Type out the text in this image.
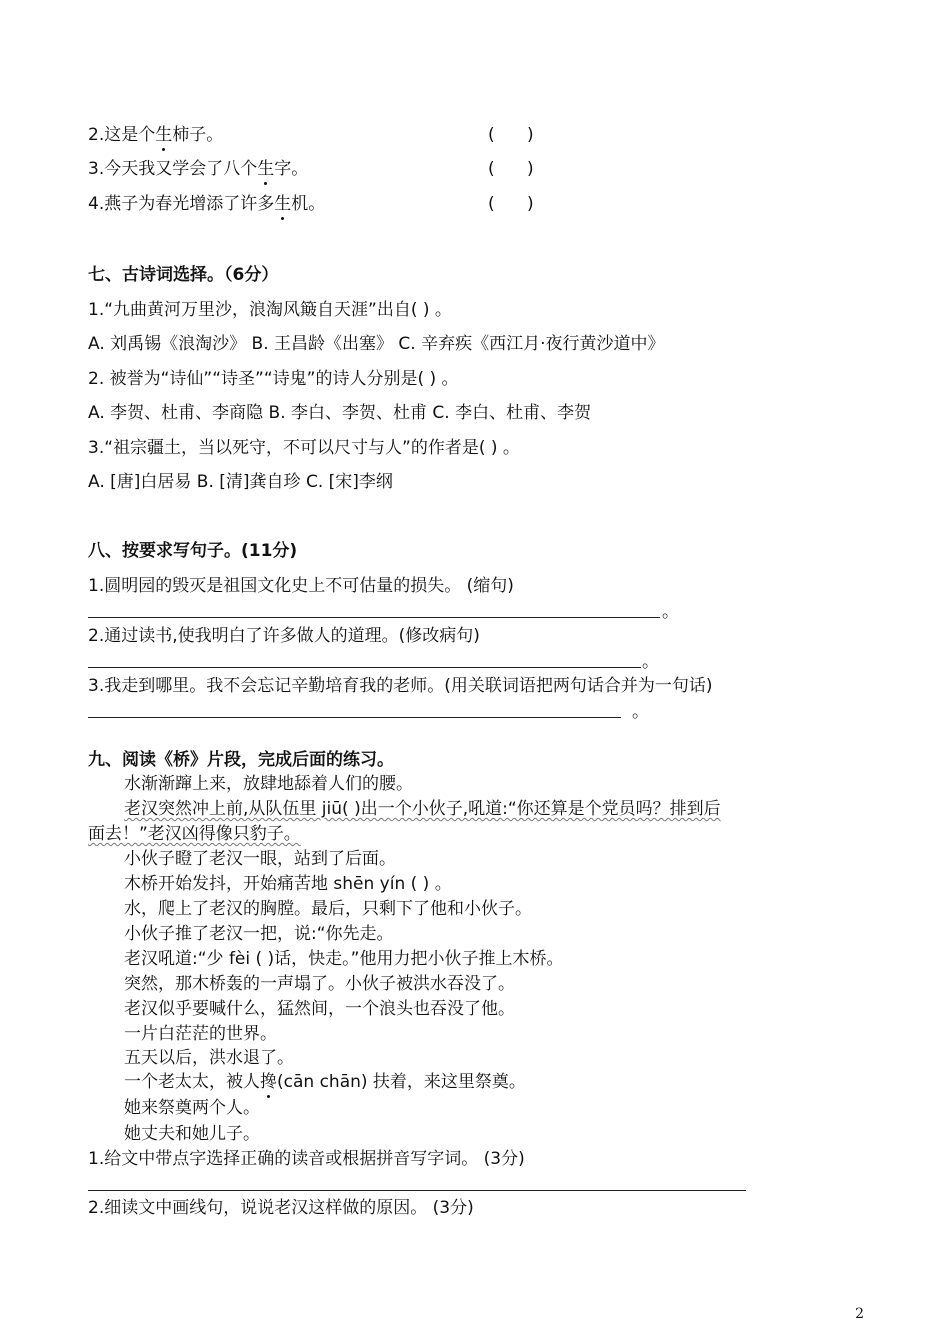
2.这是个生柿子。	(      )
3.今天我又学会了八个生字。	(      )
4.燕子为春光增添了许多生机。	(      )
七、古诗词选择。（6分）
1.“九曲黄河万里沙，浪淘风簸自天涯”出自( ) 。
A. 刘禹锡《浪淘沙》 B. 王昌龄《出塞》 C. 辛弃疾《西江月·夜行黄沙道中》
2. 被誉为“诗仙”“诗圣”“诗鬼”的诗人分别是( ) 。
A. 李贺、杜甫、李商隐 B. 李白、李贺、杜甫 C. 李白、杜甫、李贺
3.“祖宗疆土，当以死守，不可以尺寸与人”的作者是( ) 。
A. [唐]白居易 B. [清]龚自珍 C. [宋]李纲
八、按要求写句子。(11分)
1.圆明园的毁灭是祖国文化史上不可估量的损失。 (缩句)
。
2.通过读书,使我明白了许多做人的道理。(修改病句)
。
3.我走到哪里。我不会忘记辛勤培育我的老师。(用关联词语把两句话合并为一句话)
。
九、阅读《桥》片段，完成后面的练习。
水渐渐蹿上来，放肆地舔着人们的腰。
老汉突然冲上前,从队伍里 jiū( )出一个小伙子,吼道:“你还算是个党员吗？排到后
面去！”老汉凶得像只豹子。
小伙子瞪了老汉一眼，站到了后面。
木桥开始发抖，开始痛苦地 shēn yín ( ) 。
水，爬上了老汉的胸膛。最后，只剩下了他和小伙子。
小伙子推了老汉一把，说:“你先走。
老汉吼道:“少 fèi ( )话，快走。”他用力把小伙子推上木桥。
突然，那木桥轰的一声塌了。小伙子被洪水吞没了。
老汉似乎要喊什么，猛然间，一个浪头也吞没了他。
一片白茫茫的世界。
五天以后，洪水退了。
一个老太太，被人搀(cān chān) 扶着，来这里祭奠。
她来祭奠两个人。
她丈夫和她儿子。
1.给文中带点字选择正确的读音或根据拼音写字词。 (3分)
2.细读文中画线句，说说老汉这样做的原因。 (3分)
2
